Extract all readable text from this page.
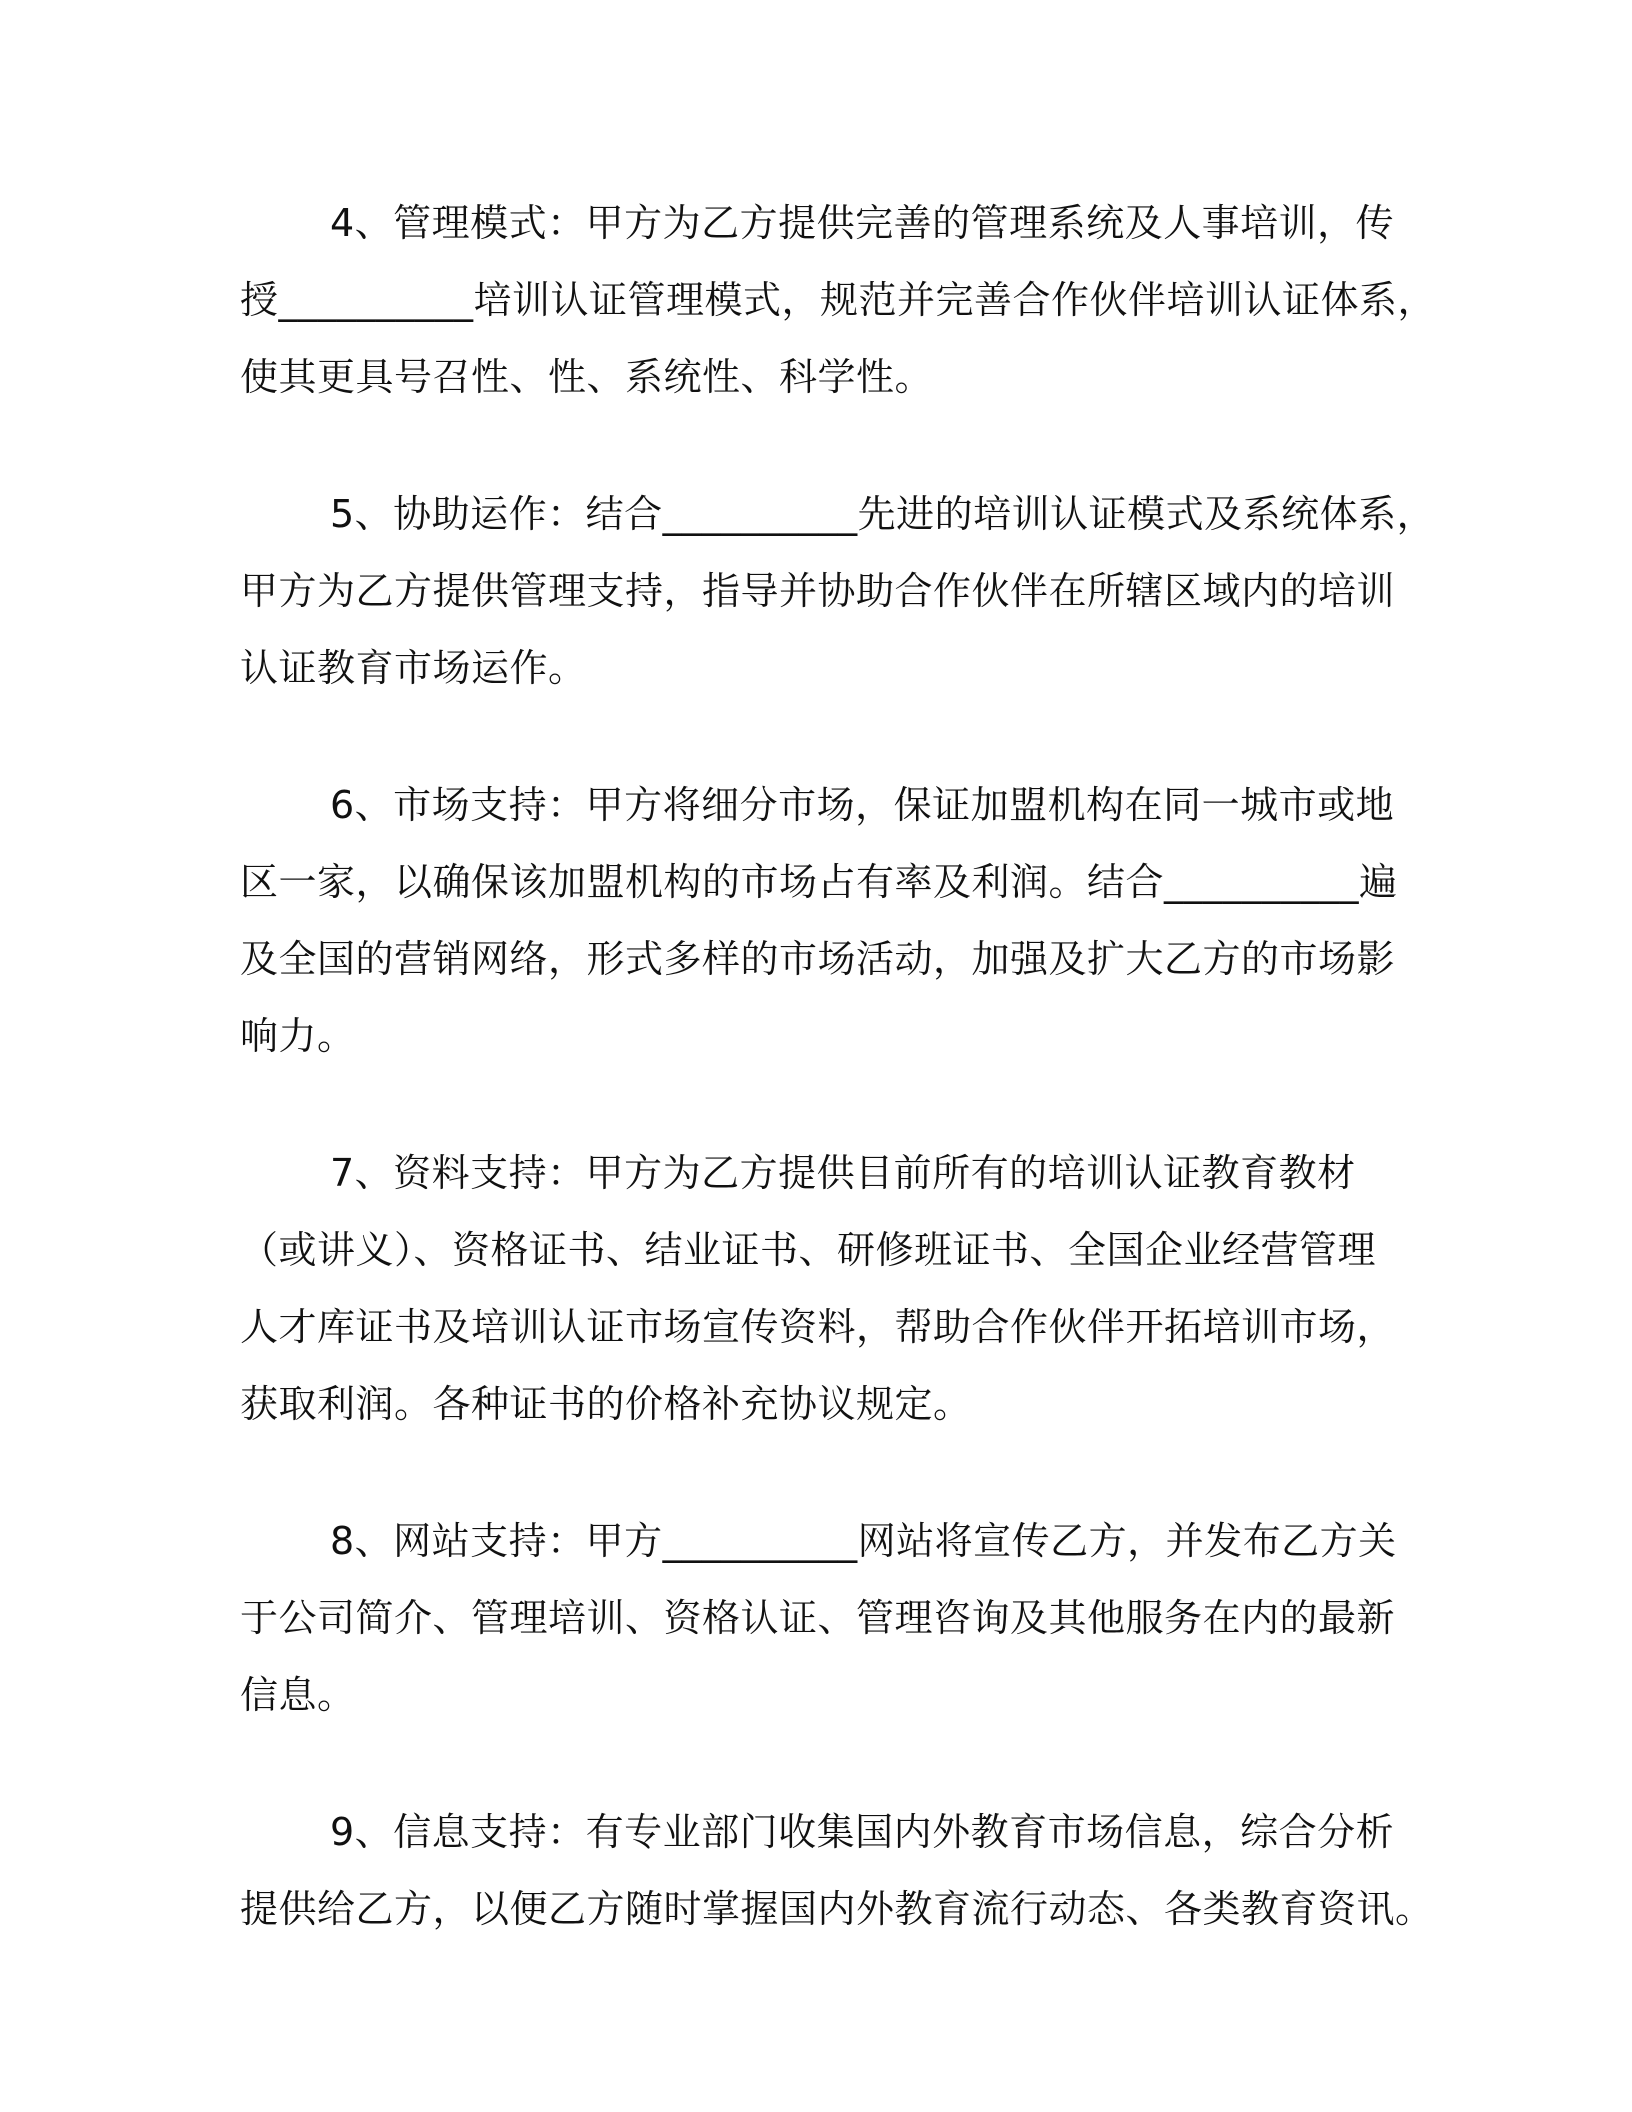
4、管理模式：甲方为乙方提供完善的管理系统及人事培训，传
授__________培训认证管理模式，规范并完善合作伙伴培训认证体系，
使其更具号召性、性、系统性、科学性。

5、协助运作：结合__________先进的培训认证模式及系统体系，
甲方为乙方提供管理支持，指导并协助合作伙伴在所辖区域内的培训
认证教育市场运作。

6、市场支持：甲方将细分市场，保证加盟机构在同一城市或地
区一家，以确保该加盟机构的市场占有率及利润。结合__________遍
及全国的营销网络，形式多样的市场活动，加强及扩大乙方的市场影
响力。

7、资料支持：甲方为乙方提供目前所有的培训认证教育教材
（或讲义）、资格证书、结业证书、研修班证书、全国企业经营管理
人才库证书及培训认证市场宣传资料，帮助合作伙伴开拓培训市场，
获取利润。各种证书的价格补充协议规定。

8、网站支持：甲方__________网站将宣传乙方，并发布乙方关
于公司简介、管理培训、资格认证、管理咨询及其他服务在内的最新
信息。

9、信息支持：有专业部门收集国内外教育市场信息，综合分析
提供给乙方，以便乙方随时掌握国内外教育流行动态、各类教育资讯。
